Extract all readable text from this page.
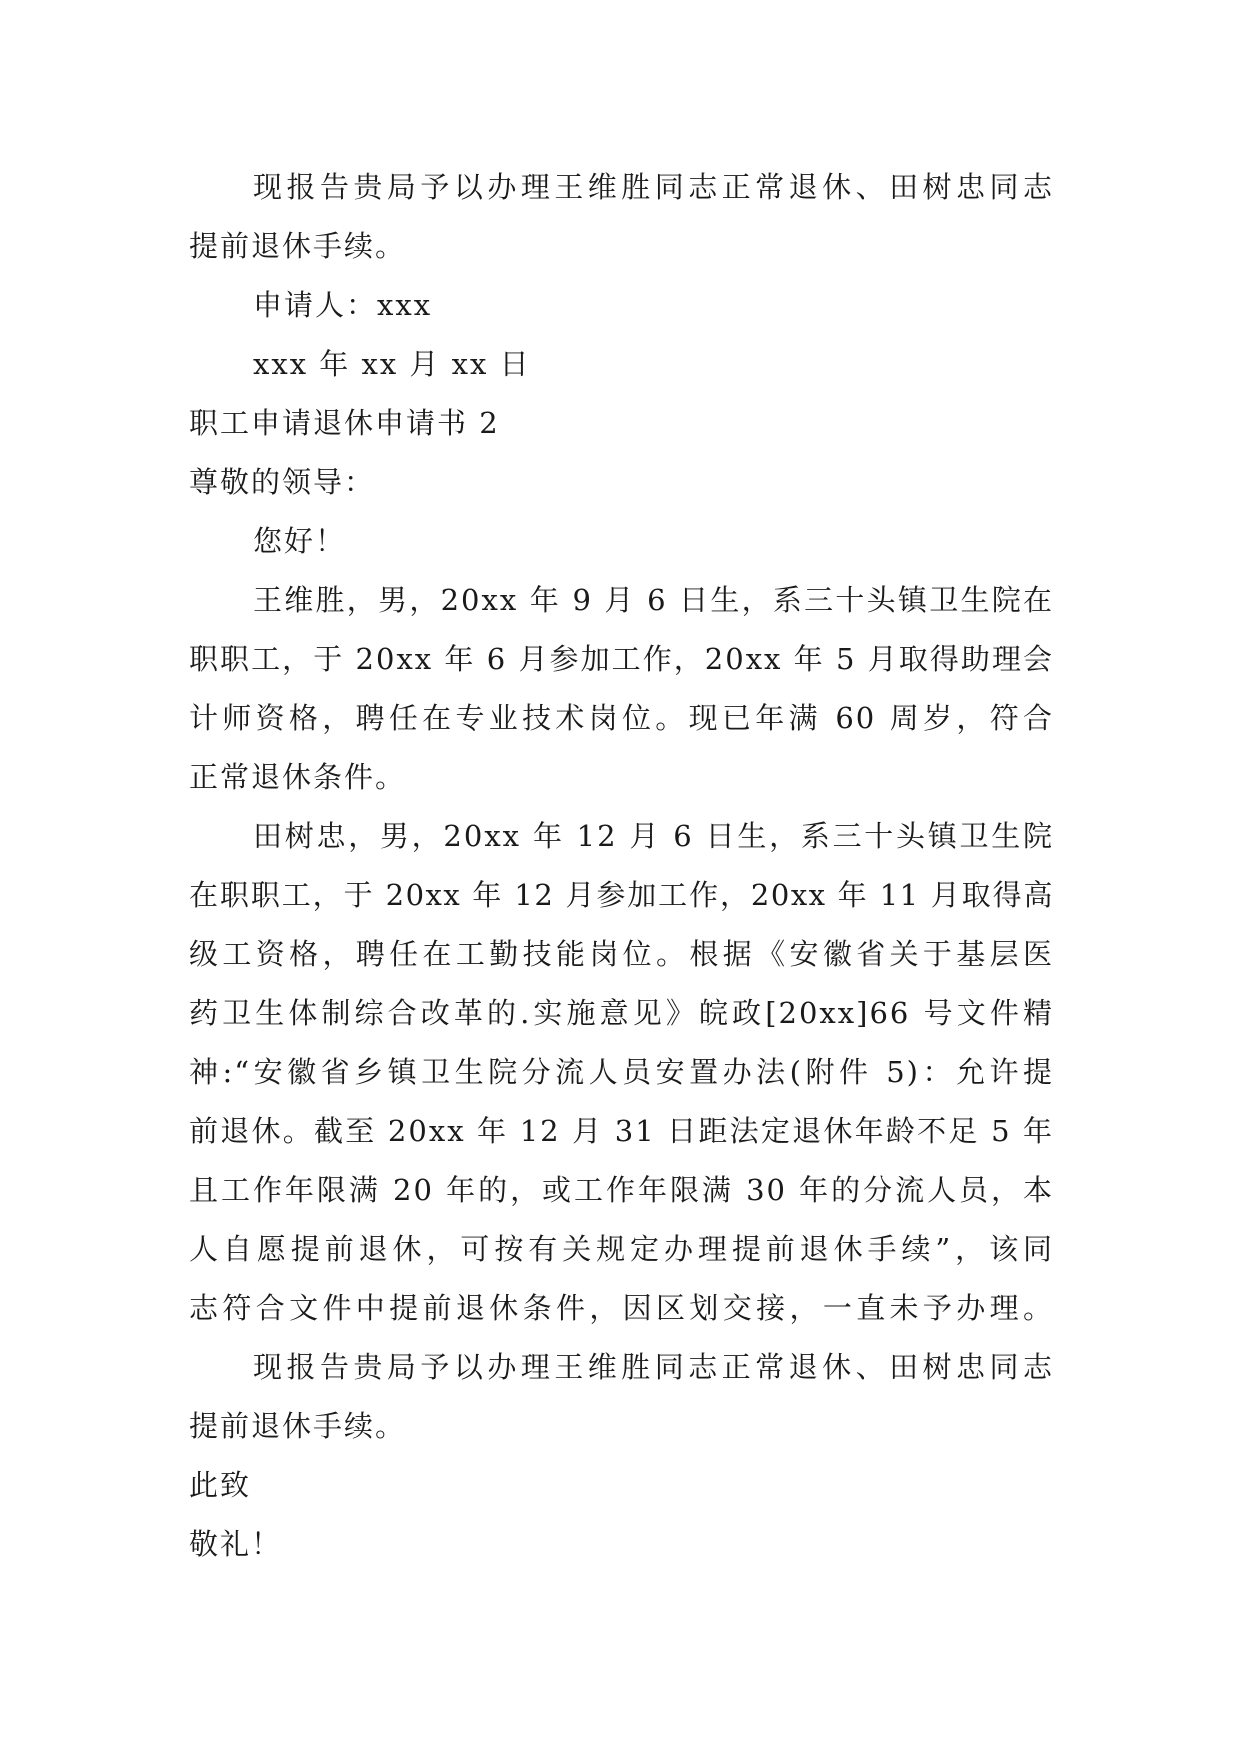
现报告贵局予以办理王维胜同志正常退休、田树忠同志
提前退休手续。
申请人：xxx
xxx 年 xx 月 xx 日
职工申请退休申请书 2
尊敬的领导：
您好！
王维胜，男，20xx 年 9 月 6 日生，系三十头镇卫生院在
职职工，于 20xx 年 6 月参加工作，20xx 年 5 月取得助理会
计师资格，聘任在专业技术岗位。现已年满 60 周岁，符合
正常退休条件。
田树忠，男，20xx 年 12 月 6 日生，系三十头镇卫生院
在职职工，于 20xx 年 12 月参加工作，20xx 年 11 月取得高
级工资格，聘任在工勤技能岗位。根据《安徽省关于基层医
药卫生体制综合改革的.实施意见》皖政[20xx]66 号文件精
神:“安徽省乡镇卫生院分流人员安置办法(附件 5)：允许提
前退休。截至 20xx 年 12 月 31 日距法定退休年龄不足 5 年
且工作年限满 20 年的，或工作年限满 30 年的分流人员，本
人自愿提前退休，可按有关规定办理提前退休手续”，该同
志符合文件中提前退休条件，因区划交接，一直未予办理。
现报告贵局予以办理王维胜同志正常退休、田树忠同志
提前退休手续。
此致
敬礼！
